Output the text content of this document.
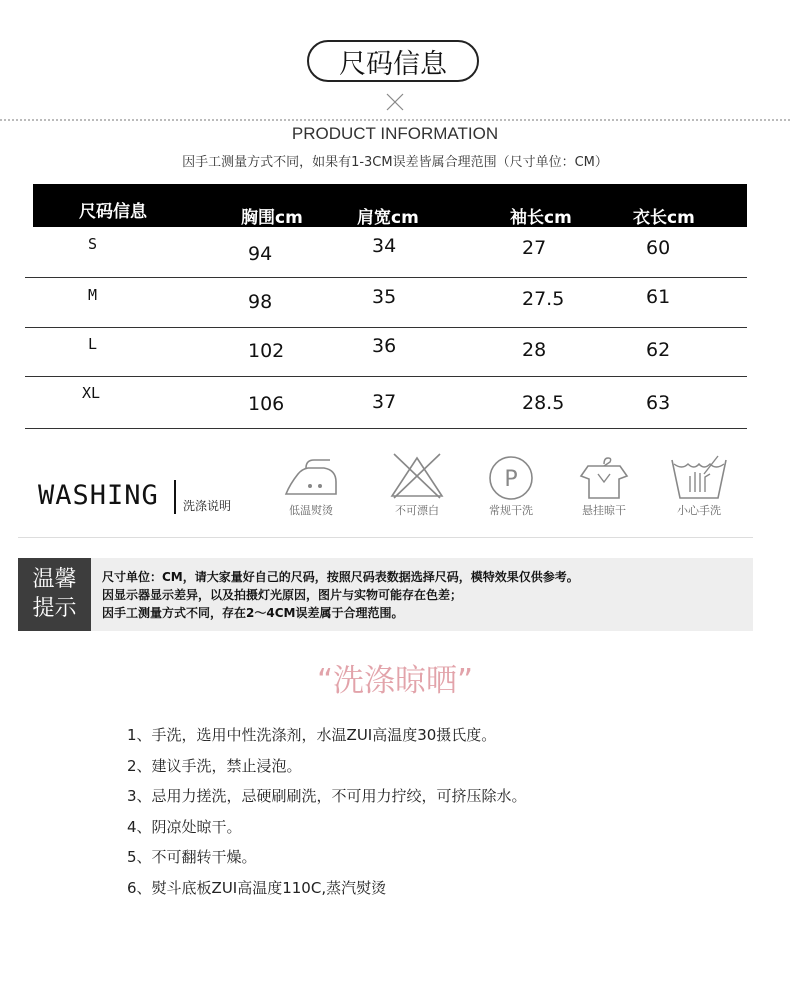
尺码信息
PRODUCT INFORMATION
因手工测量方式不同，如果有1-3CM误差皆属合理范围（尺寸单位：CM）
尺码信息	胸围cm	肩宽cm	袖长cm	衣长cm
S	94	34	27	60
M	98	35	27.5	61
L	102	36	28	62
XL	106	37	28.5	63
WASHING 洗涤说明	低温熨烫	不可漂白
P
常规干洗	悬挂晾干	小心手洗
温馨
提示
尺寸单位：CM，请大家量好自己的尺码，按照尺码表数据选择尺码，模特效果仅供参考。
因显示器显示差异，以及拍摄灯光原因，图片与实物可能存在色差；
因手工测量方式不同，存在2～4CM误差属于合理范围。
“洗涤晾晒”
1、手洗，选用中性洗涤剂，水温ZUI高温度30摄氏度。
2、建议手洗，禁止浸泡。
3、忌用力搓洗，忌硬刷刷洗，不可用力拧绞，可挤压除水。
4、阴凉处晾干。
5、不可翻转干燥。
6、熨斗底板ZUI高温度110C,蒸汽熨烫
